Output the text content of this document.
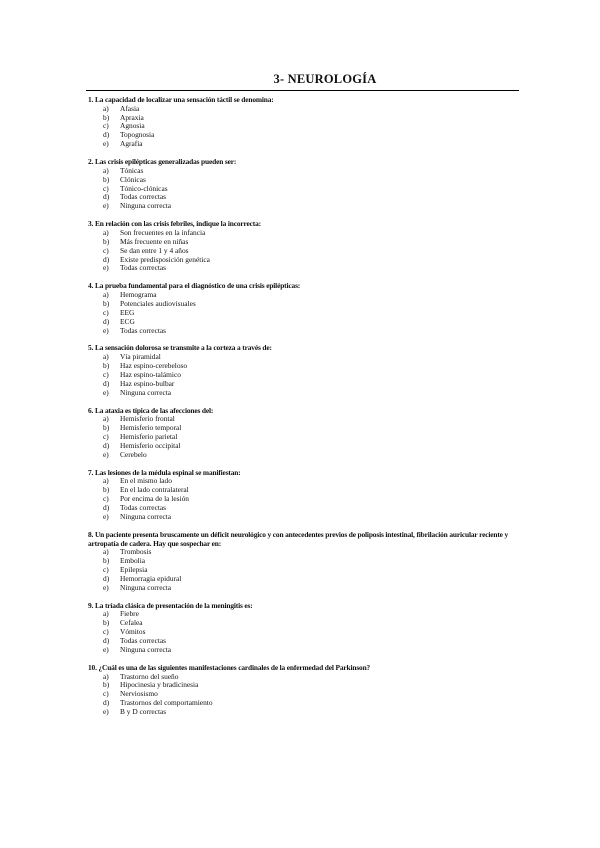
3- NEUROLOGÍA
1. La capacidad de localizar una sensación táctil se denomina:
a) Afasia
b) Apraxia
c) Agnosia
d) Topognosia
e) Agrafia
2. Las crisis epilépticas generalizadas pueden ser:
a) Tónicas
b) Clónicas
c) Tónico-clónicas
d) Todas correctas
e) Ninguna correcta
3. En relación con las crisis febriles, indique la incorrecta:
a) Son frecuentes en la infancia
b) Más frecuente en niñas
c) Se dan entre 1 y 4 años
d) Existe predisposición genética
e) Todas correctas
4. La prueba fundamental para el diagnóstico de una crisis epilépticas:
a) Hemograma
b) Potenciales audiovisuales
c) EEG
d) ECG
e) Todas correctas
5. La sensación dolorosa se transmite a la corteza a través de:
a) Vía piramidal
b) Haz espino-cerebeloso
c) Haz espino-talámico
d) Haz espino-bulbar
e) Ninguna correcta
6. La ataxia es típica de las afecciones del:
a) Hemisferio frontal
b) Hemisferio temporal
c) Hemisferio parietal
d) Hemisferio occipital
e) Cerebelo
7. Las lesiones de la médula espinal se manifiestan:
a) En el mismo lado
b) En el lado contralateral
c) Por encima de la lesión
d) Todas correctas
e) Ninguna correcta
8. Un paciente presenta bruscamente un déficit neurológico y con antecedentes previos de poliposis intestinal, fibrilación auricular reciente y artropatía de cadera. Hay que sospechar en:
a) Trombosis
b) Embolia
c) Epilepsia
d) Hemorragia epidural
e) Ninguna correcta
9. La tríada clásica de presentación de la meningitis es:
a) Fiebre
b) Cefalea
c) Vómitos
d) Todas correctas
e) Ninguna correcta
10. ¿Cuál es una de las siguientes manifestaciones cardinales de la enfermedad del Parkinson?
a) Trastorno del sueño
b) Hipocinesia y bradicinesia
c) Nerviosismo
d) Trastornos del comportamiento
e) B y D correctas
